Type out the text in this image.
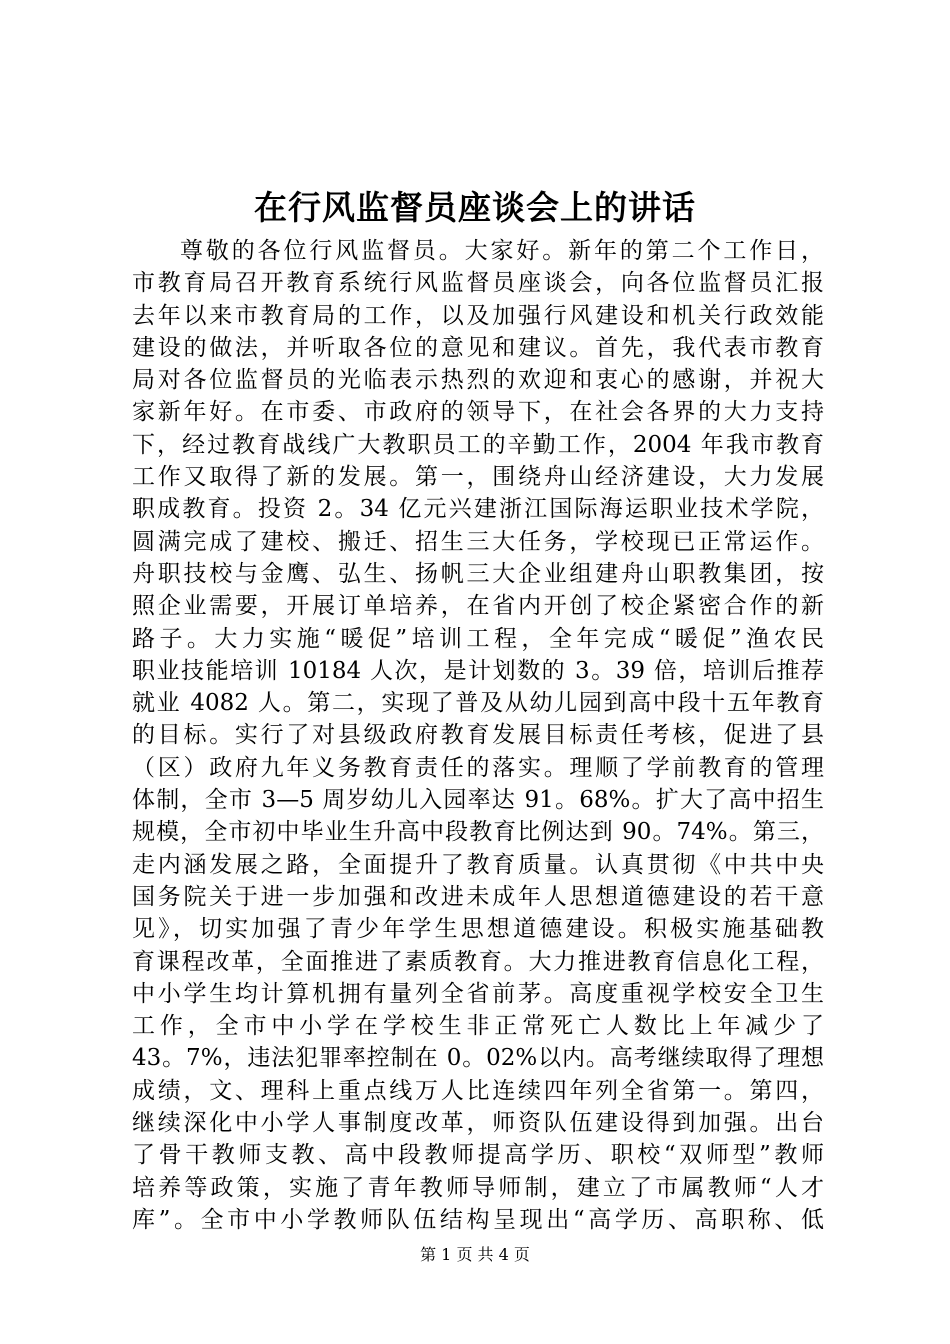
在行风监督员座谈会上的讲话
尊敬的各位行风监督员。大家好。新年的第二个工作日，
市教育局召开教育系统行风监督员座谈会，向各位监督员汇报
去年以来市教育局的工作，以及加强行风建设和机关行政效能
建设的做法，并听取各位的意见和建议。首先，我代表市教育
局对各位监督员的光临表示热烈的欢迎和衷心的感谢，并祝大
家新年好。在市委、市政府的领导下，在社会各界的大力支持
下，经过教育战线广大教职员工的辛勤工作，2004 年我市教育
工作又取得了新的发展。第一，围绕舟山经济建设，大力发展
职成教育。投资 2。34 亿元兴建浙江国际海运职业技术学院，
圆满完成了建校、搬迁、招生三大任务，学校现已正常运作。
舟职技校与金鹰、弘生、扬帆三大企业组建舟山职教集团，按
照企业需要，开展订单培养，在省内开创了校企紧密合作的新
路子。大力实施“暖促”培训工程，全年完成“暖促”渔农民
职业技能培训 10184 人次，是计划数的 3。39 倍，培训后推荐
就业 4082 人。第二，实现了普及从幼儿园到高中段十五年教育
的目标。实行了对县级政府教育发展目标责任考核，促进了县
（区）政府九年义务教育责任的落实。理顺了学前教育的管理
体制，全市 3—5 周岁幼儿入园率达 91。68%。扩大了高中招生
规模，全市初中毕业生升高中段教育比例达到 90。74%。第三，
走内涵发展之路，全面提升了教育质量。认真贯彻《中共中央
国务院关于进一步加强和改进未成年人思想道德建设的若干意
见》，切实加强了青少年学生思想道德建设。积极实施基础教
育课程改革，全面推进了素质教育。大力推进教育信息化工程，
中小学生均计算机拥有量列全省前茅。高度重视学校安全卫生
工作，全市中小学在学校生非正常死亡人数比上年减少了
43。7%，违法犯罪率控制在 0。02%以内。高考继续取得了理想
成绩，文、理科上重点线万人比连续四年列全省第一。第四，
继续深化中小学人事制度改革，师资队伍建设得到加强。出台
了骨干教师支教、高中段教师提高学历、职校“双师型”教师
培养等政策，实施了青年教师导师制，建立了市属教师“人才
库”。全市中小学教师队伍结构呈现出“高学历、高职称、低
第 1 页 共 4 页
